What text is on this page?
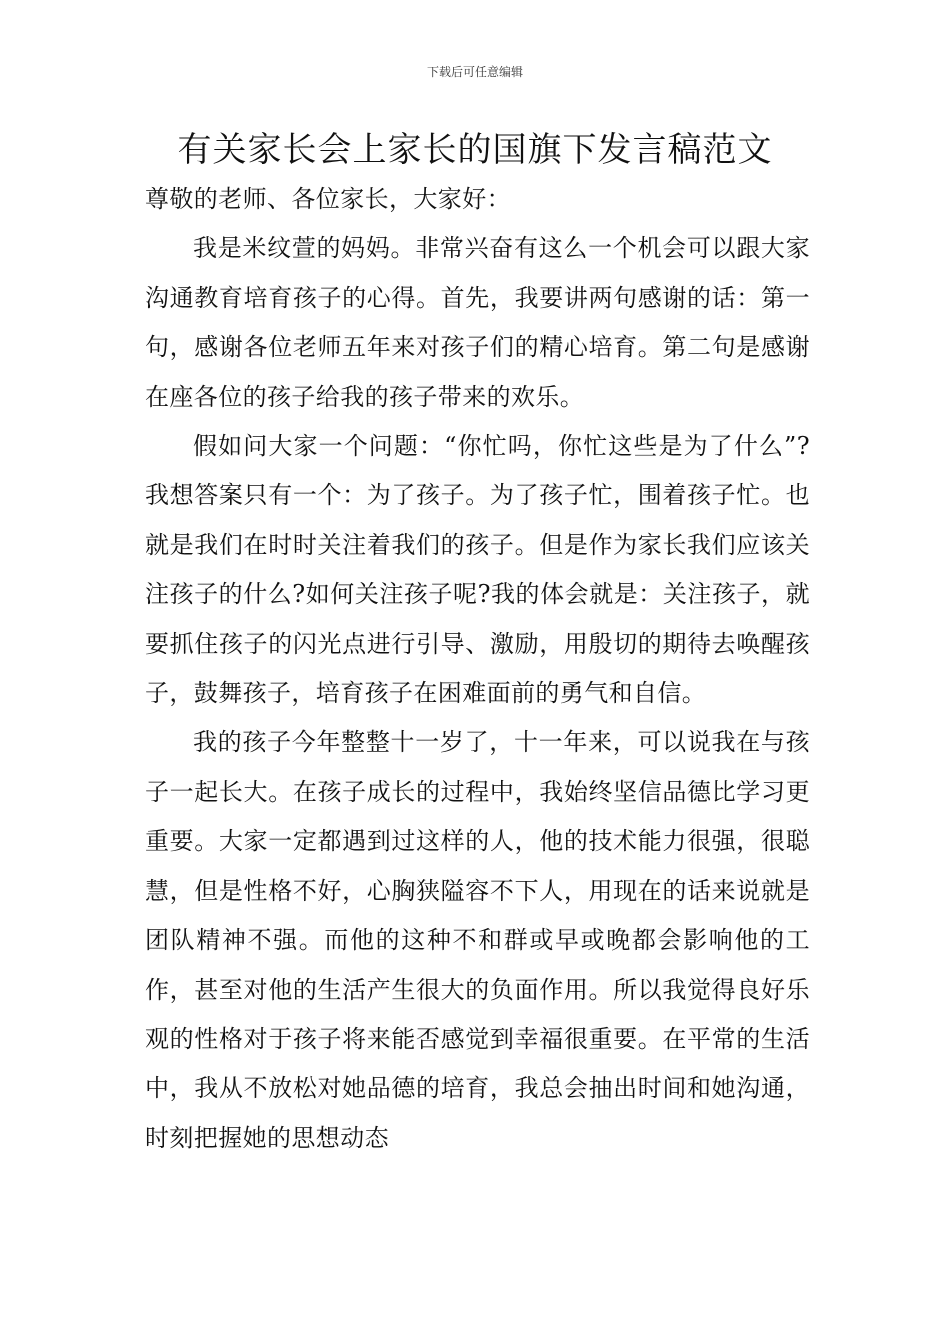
下载后可任意编辑
有关家长会上家长的国旗下发言稿范文

尊敬的老师、各位家长，大家好：

我是米纹萱的妈妈。非常兴奋有这么一个机会可以跟大家沟通教育培育孩子的心得。首先，我要讲两句感谢的话：第一句，感谢各位老师五年来对孩子们的精心培育。第二句是感谢在座各位的孩子给我的孩子带来的欢乐。

假如问大家一个问题：“你忙吗，你忙这些是为了什么”?我想答案只有一个：为了孩子。为了孩子忙，围着孩子忙。也就是我们在时时关注着我们的孩子。但是作为家长我们应该关注孩子的什么?如何关注孩子呢?我的体会就是：关注孩子，就要抓住孩子的闪光点进行引导、激励，用殷切的期待去唤醒孩子，鼓舞孩子，培育孩子在困难面前的勇气和自信。

我的孩子今年整整十一岁了，十一年来，可以说我在与孩子一起长大。在孩子成长的过程中，我始终坚信品德比学习更重要。大家一定都遇到过这样的人，他的技术能力很强，很聪慧，但是性格不好，心胸狭隘容不下人，用现在的话来说就是团队精神不强。而他的这种不和群或早或晚都会影响他的工作，甚至对他的生活产生很大的负面作用。所以我觉得良好乐观的性格对于孩子将来能否感觉到幸福很重要。在平常的生活中，我从不放松对她品德的培育，我总会抽出时间和她沟通，时刻把握她的思想动态
